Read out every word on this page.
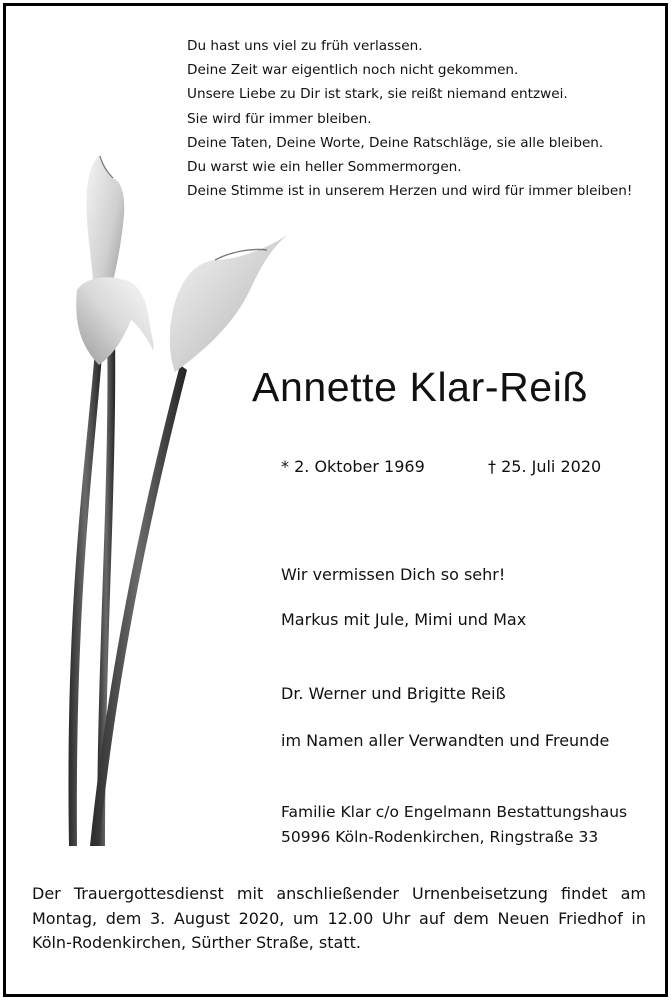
Du hast uns viel zu früh verlassen.
Deine Zeit war eigentlich noch nicht gekommen.
Unsere Liebe zu Dir ist stark, sie reißt niemand entzwei.
Sie wird für immer bleiben.
Deine Taten, Deine Worte, Deine Ratschläge, sie alle bleiben.
Du warst wie ein heller Sommermorgen.
Deine Stimme ist in unserem Herzen und wird für immer bleiben!
Annette Klar-Reiß
* 2. Oktober 1969	† 25. Juli 2020
Wir vermissen Dich so sehr!
Markus mit Jule, Mimi und Max
Dr. Werner und Brigitte Reiß
im Namen aller Verwandten und Freunde
Familie Klar c/o Engelmann Bestattungshaus
50996 Köln-Rodenkirchen, Ringstraße 33
Der Trauergottesdienst mit anschließender Urnenbeisetzung findet am Montag, dem 3. August 2020, um 12.00 Uhr auf dem Neuen Friedhof in Köln-Rodenkirchen, Sürther Straße, statt.
